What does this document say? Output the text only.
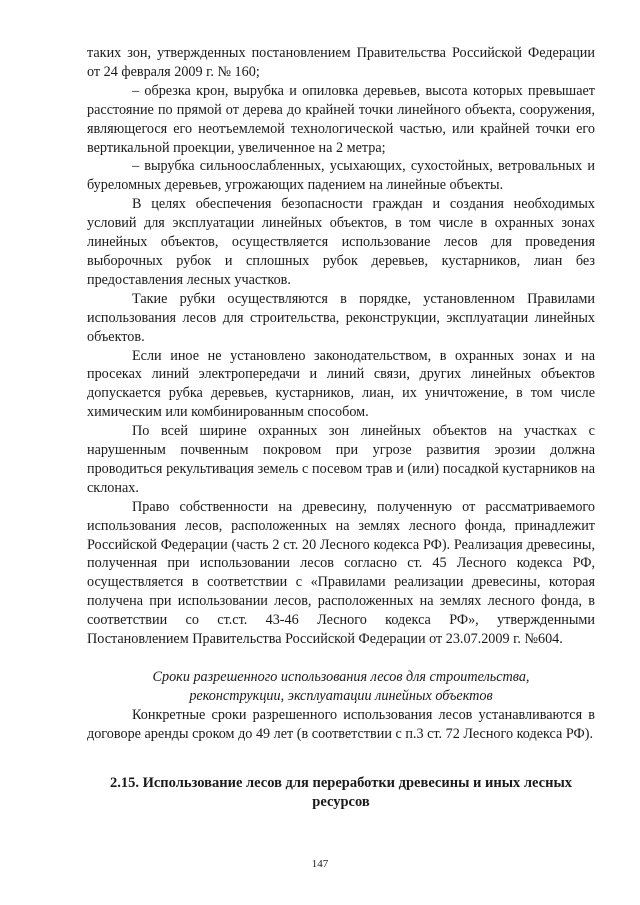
таких зон, утвержденных постановлением Правительства Российской Федерации от 24 февраля 2009 г. № 160;

– обрезка крон, вырубка и опиловка деревьев, высота которых превышает расстояние по прямой от дерева до крайней точки линейного объекта, сооружения, являющегося его неотъемлемой технологической частью, или крайней точки его вертикальной проекции, увеличенное на 2 метра;

– вырубка сильноослабленных, усыхающих, сухостойных, ветровальных и буреломных деревьев, угрожающих падением на линейные объекты.

В целях обеспечения безопасности граждан и создания необходимых условий для эксплуатации линейных объектов, в том числе в охранных зонах линейных объектов, осуществляется использование лесов для проведения выборочных рубок и сплошных рубок деревьев, кустарников, лиан без предоставления лесных участков.

Такие рубки осуществляются в порядке, установленном Правилами использования лесов для строительства, реконструкции, эксплуатации линейных объектов.

Если иное не установлено законодательством, в охранных зонах и на просеках линий электропередачи и линий связи, других линейных объектов допускается рубка деревьев, кустарников, лиан, их уничтожение, в том числе химическим или комбинированным способом.

По всей ширине охранных зон линейных объектов на участках с нарушенным почвенным покровом при угрозе развития эрозии должна проводиться рекультивация земель с посевом трав и (или) посадкой кустарников на склонах.

Право собственности на древесину, полученную от рассматриваемого использования лесов, расположенных на землях лесного фонда, принадлежит Российской Федерации (часть 2 ст. 20 Лесного кодекса РФ). Реализация древесины, полученная при использовании лесов согласно ст. 45 Лесного кодекса РФ, осуществляется в соответствии с «Правилами реализации древесины, которая получена при использовании лесов, расположенных на землях лесного фонда, в соответствии со ст.ст. 43-46 Лесного кодекса РФ», утвержденными Постановлением Правительства Российской Федерации от 23.07.2009 г. №604.

Сроки разрешенного использования лесов для строительства, реконструкции, эксплуатации линейных объектов

Конкретные сроки разрешенного использования лесов устанавливаются в договоре аренды сроком до 49 лет (в соответствии с п.3 ст. 72 Лесного кодекса РФ).

2.15. Использование лесов для переработки древесины и иных лесных ресурсов
147
